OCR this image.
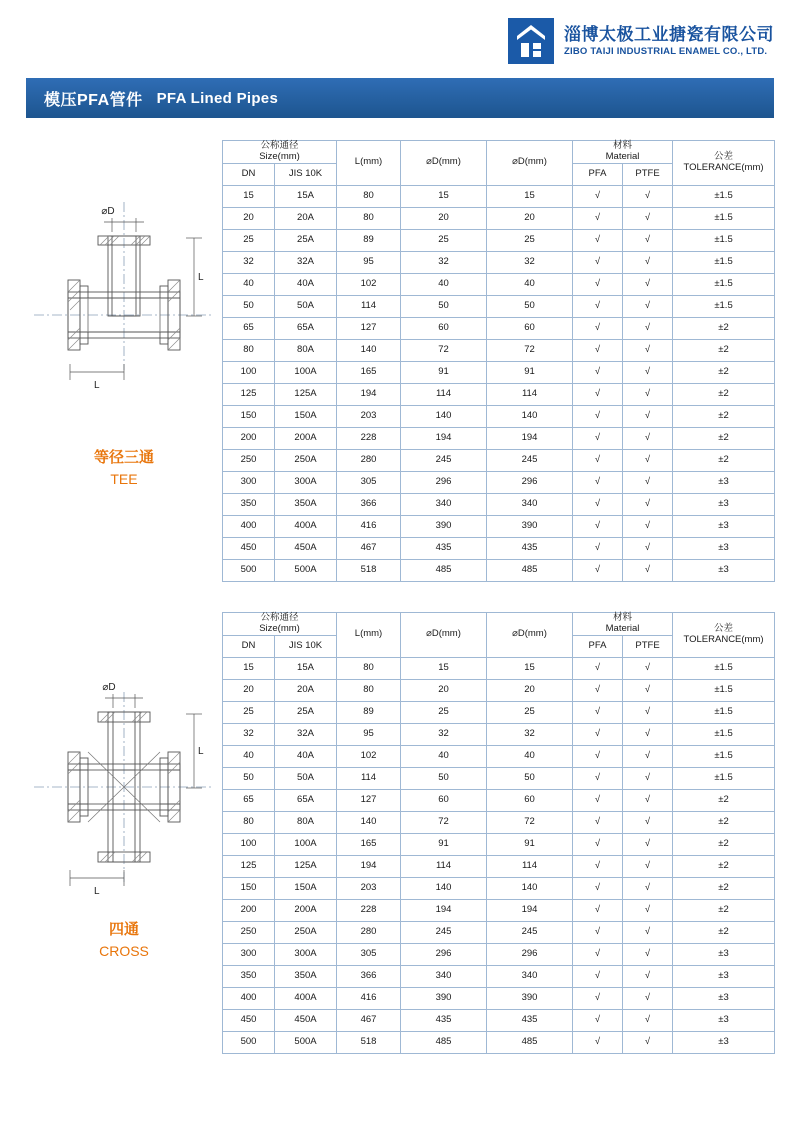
淄博太极工业搪瓷有限公司
ZIBO TAIJI INDUSTRIAL ENAMEL CO., LTD.
模压PFA管件 PFA Lined Pipes
⌀D
L
L
等径三通
TEE
公称通径
Size(mm)		L(mm)	⌀D(mm)	⌀D(mm)	材料
Material		公差
TOLERANCE(mm)

DN	JIS 10K				PFA	PTFE	
15	15A	80	15	15	√	√	±1.5
20	20A	80	20	20	√	√	±1.5
25	25A	89	25	25	√	√	±1.5
32	32A	95	32	32	√	√	±1.5
40	40A	102	40	40	√	√	±1.5
50	50A	114	50	50	√	√	±1.5
65	65A	127	60	60	√	√	±2
80	80A	140	72	72	√	√	±2
100	100A	165	91	91	√	√	±2
125	125A	194	114	114	√	√	±2
150	150A	203	140	140	√	√	±2
200	200A	228	194	194	√	√	±2
250	250A	280	245	245	√	√	±2
300	300A	305	296	296	√	√	±3
350	350A	366	340	340	√	√	±3
400	400A	416	390	390	√	√	±3
450	450A	467	435	435	√	√	±3
500	500A	518	485	485	√	√	±3
⌀D
L
L
四通
CROSS
公称通径
Size(mm)		L(mm)	⌀D(mm)	⌀D(mm)	材料
Material		公差
TOLERANCE(mm)

DN	JIS 10K				PFA	PTFE	
15	15A	80	15	15	√	√	±1.5
20	20A	80	20	20	√	√	±1.5
25	25A	89	25	25	√	√	±1.5
32	32A	95	32	32	√	√	±1.5
40	40A	102	40	40	√	√	±1.5
50	50A	114	50	50	√	√	±1.5
65	65A	127	60	60	√	√	±2
80	80A	140	72	72	√	√	±2
100	100A	165	91	91	√	√	±2
125	125A	194	114	114	√	√	±2
150	150A	203	140	140	√	√	±2
200	200A	228	194	194	√	√	±2
250	250A	280	245	245	√	√	±2
300	300A	305	296	296	√	√	±3
350	350A	366	340	340	√	√	±3
400	400A	416	390	390	√	√	±3
450	450A	467	435	435	√	√	±3
500	500A	518	485	485	√	√	±3
